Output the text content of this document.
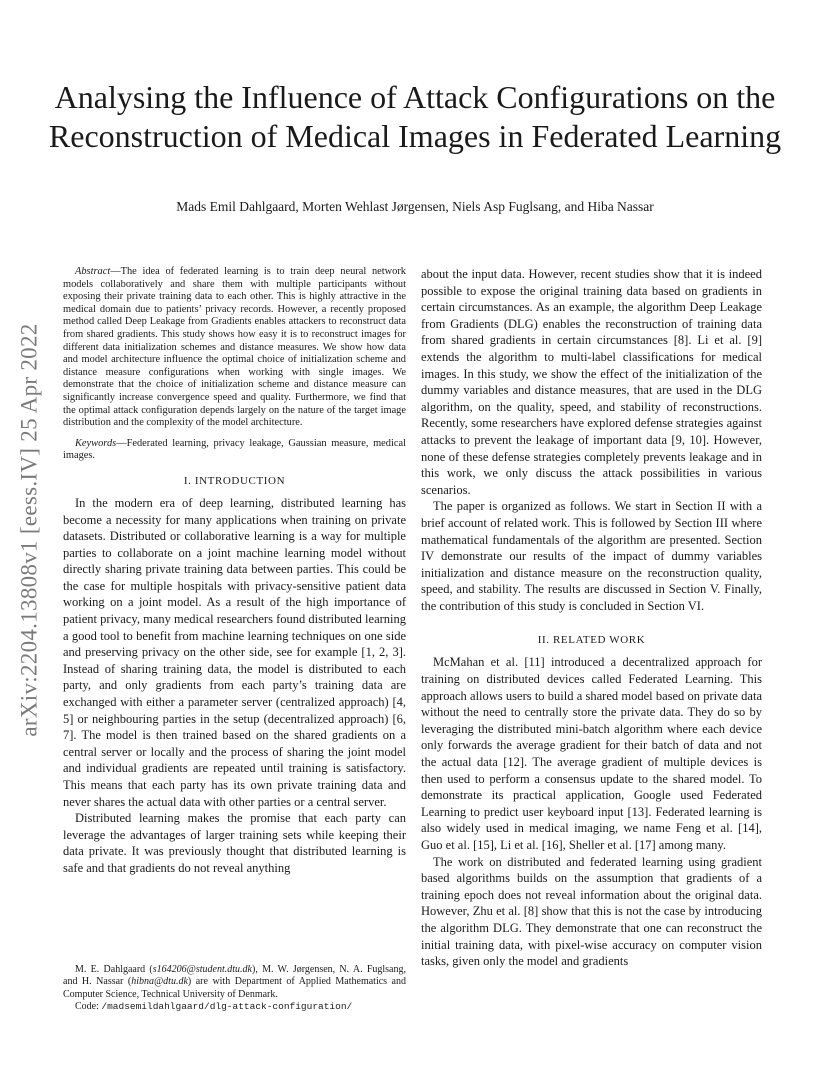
arXiv:2204.13808v1 [eess.IV] 25 Apr 2022
Analysing the Influence of Attack Configurations on the Reconstruction of Medical Images in Federated Learning
Mads Emil Dahlgaard, Morten Wehlast Jørgensen, Niels Asp Fuglsang, and Hiba Nassar

Abstract—The idea of federated learning is to train deep neural network models collaboratively and share them with multiple participants without exposing their private training data to each other. This is highly attractive in the medical domain due to patients’ privacy records. However, a recently proposed method called Deep Leakage from Gradients enables attackers to reconstruct data from shared gradients. This study shows how easy it is to reconstruct images for different data initialization schemes and distance measures. We show how data and model architecture influence the optimal choice of initialization scheme and distance measure configurations when working with single images. We demonstrate that the choice of initialization scheme and distance measure can significantly increase convergence speed and quality. Furthermore, we find that the optimal attack configuration depends largely on the nature of the target image distribution and the complexity of the model architecture.

Keywords—Federated learning, privacy leakage, Gaussian measure, medical images.

I. INTRODUCTION

In the modern era of deep learning, distributed learning has become a necessity for many applications when training on private datasets. Distributed or collaborative learning is a way for multiple parties to collaborate on a joint machine learning model without directly sharing private training data between parties. This could be the case for multiple hospitals with privacy-sensitive patient data working on a joint model. As a result of the high importance of patient privacy, many medical researchers found distributed learning a good tool to benefit from machine learning techniques on one side and preserving privacy on the other side, see for example [1, 2, 3]. Instead of sharing training data, the model is distributed to each party, and only gradients from each party’s training data are exchanged with either a parameter server (centralized approach) [4, 5] or neighbouring parties in the setup (decentralized approach) [6, 7]. The model is then trained based on the shared gradients on a central server or locally and the process of sharing the joint model and individual gradients are repeated until training is satisfactory. This means that each party has its own private training data and never shares the actual data with other parties or a central server.

Distributed learning makes the promise that each party can leverage the advantages of larger training sets while keeping their data private. It was previously thought that distributed learning is safe and that gradients do not reveal anything

about the input data. However, recent studies show that it is indeed possible to expose the original training data based on gradients in certain circumstances. As an example, the algorithm Deep Leakage from Gradients (DLG) enables the reconstruction of training data from shared gradients in certain circumstances [8]. Li et al. [9] extends the algorithm to multi-label classifications for medical images. In this study, we show the effect of the initialization of the dummy variables and distance measures, that are used in the DLG algorithm, on the quality, speed, and stability of reconstructions. Recently, some researchers have explored defense strategies against attacks to prevent the leakage of important data [9, 10]. However, none of these defense strategies completely prevents leakage and in this work, we only discuss the attack possibilities in various scenarios.

The paper is organized as follows. We start in Section II with a brief account of related work. This is followed by Section III where mathematical fundamentals of the algorithm are presented. Section IV demonstrate our results of the impact of dummy variables initialization and distance measure on the reconstruction quality, speed, and stability. The results are discussed in Section V. Finally, the contribution of this study is concluded in Section VI.

II. RELATED WORK

McMahan et al. [11] introduced a decentralized approach for training on distributed devices called Federated Learning. This approach allows users to build a shared model based on private data without the need to centrally store the private data. They do so by leveraging the distributed mini-batch algorithm where each device only forwards the average gradient for their batch of data and not the actual data [12]. The average gradient of multiple devices is then used to perform a consensus update to the shared model. To demonstrate its practical application, Google used Federated Learning to predict user keyboard input [13]. Federated learning is also widely used in medical imaging, we name Feng et al. [14], Guo et al. [15], Li et al. [16], Sheller et al. [17] among many.

The work on distributed and federated learning using gradient based algorithms builds on the assumption that gradients of a training epoch does not reveal information about the original data. However, Zhu et al. [8] show that this is not the case by introducing the algorithm DLG. They demonstrate that one can reconstruct the initial training data, with pixel-wise accuracy on computer vision tasks, given only the model and gradients

M. E. Dahlgaard (s164206@student.dtu.dk), M. W. Jørgensen, N. A. Fuglsang, and H. Nassar (hibna@dtu.dk) are with Department of Applied Mathematics and Computer Science, Technical University of Denmark.

Code: /madsemildahlgaard/dlg-attack-configuration/
